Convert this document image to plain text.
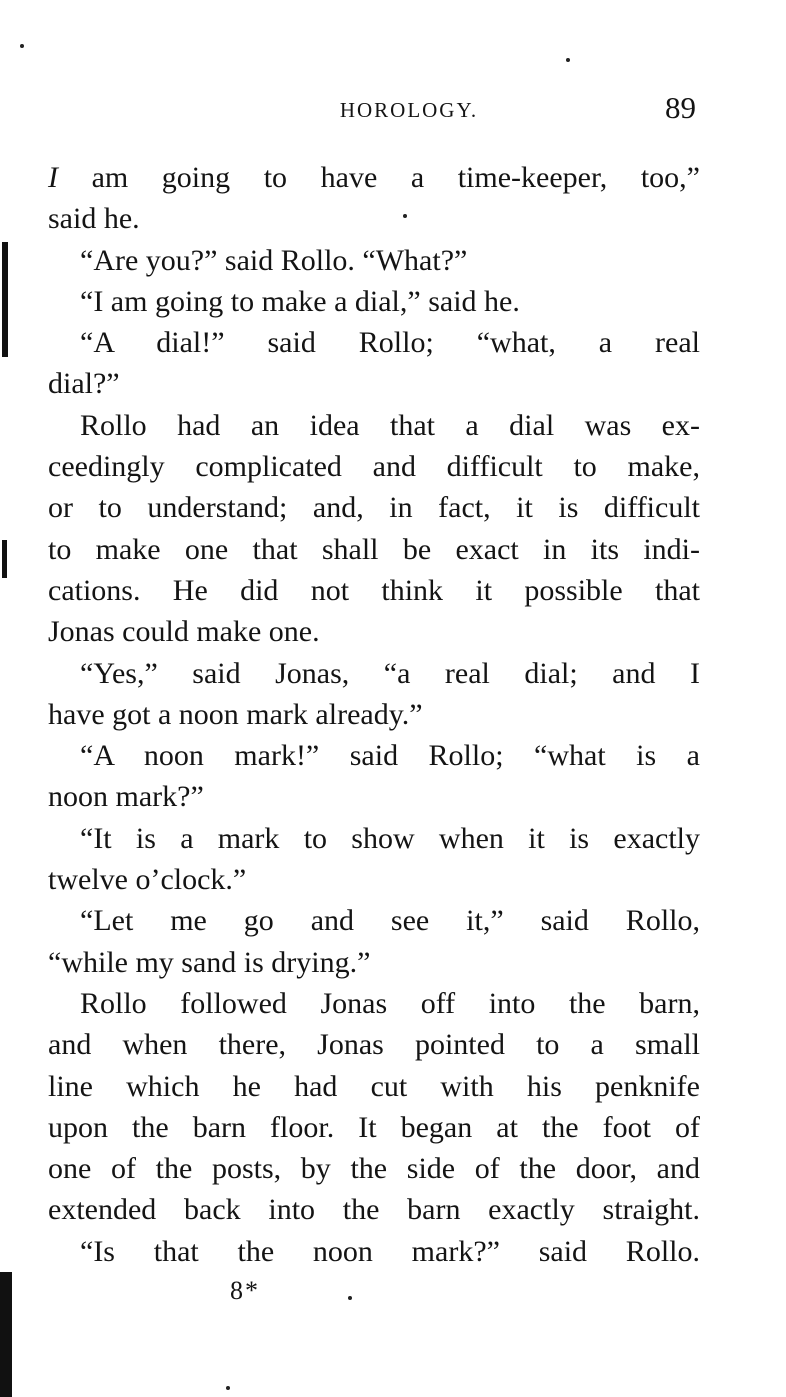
HOROLOGY.	89
I am going to have a time-keeper, too,”
said he.
“Are you?” said Rollo. “What?”
“I am going to make a dial,” said he.
“A dial!” said Rollo; “what, a real
dial?”
Rollo had an idea that a dial was ex-
ceedingly complicated and difficult to make,
or to understand; and, in fact, it is difficult
to make one that shall be exact in its indi-
cations. He did not think it possible that
Jonas could make one.
“Yes,” said Jonas, “a real dial; and I
have got a noon mark already.”
“A noon mark!” said Rollo; “what is a
noon mark?”
“It is a mark to show when it is exactly
twelve o’clock.”
“Let me go and see it,” said Rollo,
“while my sand is drying.”
Rollo followed Jonas off into the barn,
and when there, Jonas pointed to a small
line which he had cut with his penknife
upon the barn floor. It began at the foot of
one of the posts, by the side of the door, and
extended back into the barn exactly straight.
“Is that the noon mark?” said Rollo.
8*
